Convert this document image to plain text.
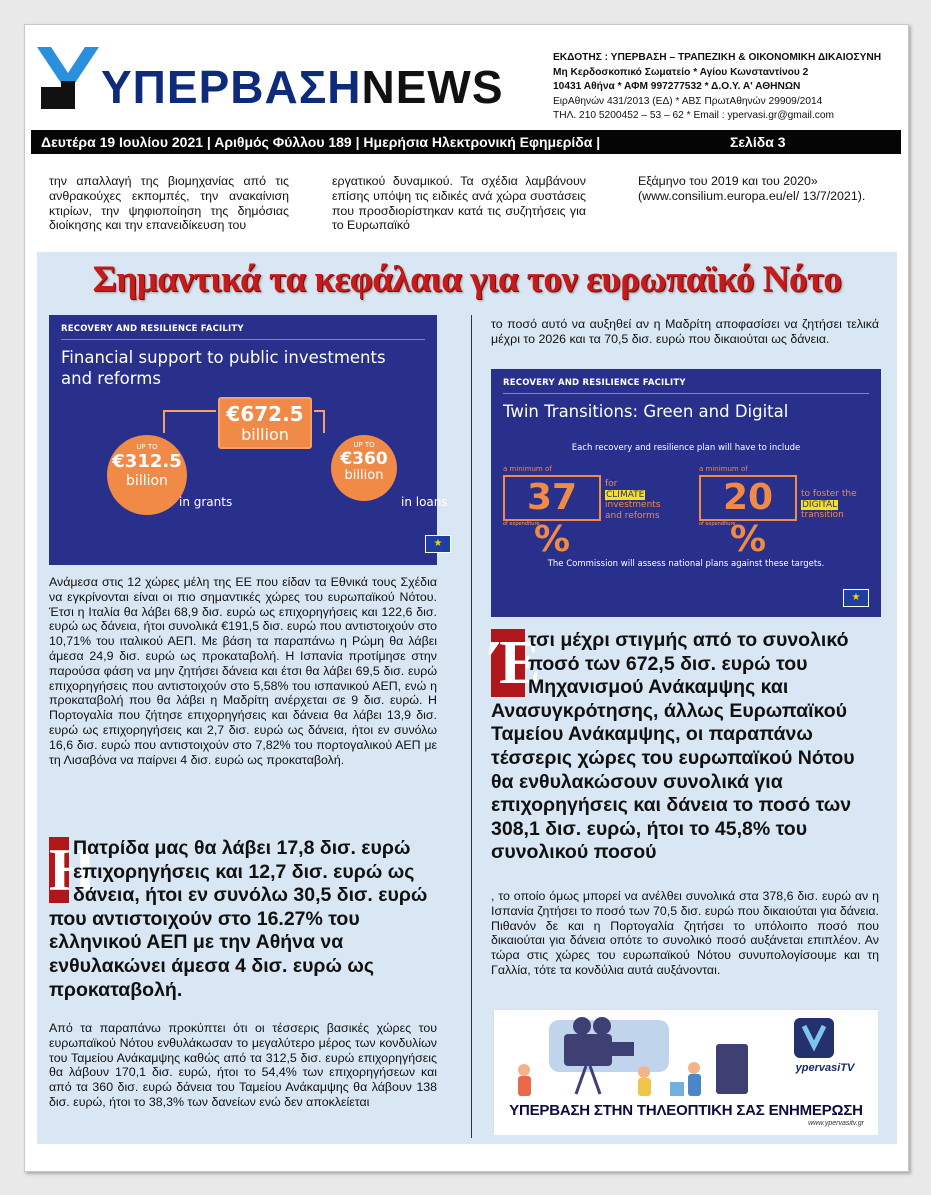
ΥΠΕΡΒΑΣΗNEWS
ΕΚΔΟΤΗΣ : ΥΠΕΡΒΑΣΗ – ΤΡΑΠΕΖΙΚΗ & ΟΙΚΟΝΟΜΙΚΗ ΔΙΚΑΙΟΣΥΝΗ
Μη Κερδοσκοπικό Σωματείο * Αγίου Κωνσταντίνου 2
10431 Αθήνα * ΑΦΜ 997277532 * Δ.Ο.Υ. Α' ΑΘΗΝΩΝ
ΕιρΑθηνών 431/2013 (ΕΔ) * ΑΒΣ ΠρωτΑθηνών 29909/2014
ΤΗΛ. 210 5200452 – 53 – 62 * Email : ypervasi.gr@gmail.com
Δευτέρα 19 Ιουλίου 2021 | Αριθμός Φύλλου 189 | Ημερήσια Ηλεκτρονική Εφημερίδα |	Σελίδα 3
την απαλλαγή της βιομηχανίας από τις ανθρακούχες εκπομπές, την ανακαίνιση κτιρίων, την ψηφιοποίηση της δημόσιας διοίκησης και την επανειδίκευση του
εργατικού δυναμικού. Τα σχέδια λαμβάνουν επίσης υπόψη τις ειδικές ανά χώρα συστάσεις που προσδιορίστηκαν κατά τις συζητήσεις για το Ευρωπαϊκό
Εξάμηνο του 2019 και του 2020» (www.consilium.europa.eu/el/ 13/7/2021).
Σημαντικά τα κεφάλαια για τον ευρωπαϊκό Νότο
RECOVERY AND RESILIENCE FACILITY
Financial support to public investments and reforms
€672.5
billion
UP TO
€312.5
billion
in grants
UP TO
€360
billion
in loans
★
Ανάμεσα στις 12 χώρες μέλη της ΕΕ που είδαν τα Εθνικά τους Σχέδια να εγκρίνονται είναι οι πιο σημαντικές χώρες του ευρωπαϊκού Νότου. Έτσι η Ιταλία θα λάβει 68,9 δισ. ευρώ ως επιχορηγήσεις και 122,6 δισ. ευρώ ως δάνεια, ήτοι συνολικά €191,5 δισ. ευρώ που αντιστοιχούν στο 10,71% του ιταλικού ΑΕΠ. Με βάση τα παραπάνω η Ρώμη θα λάβει άμεσα 24,9 δισ. ευρώ ως προκαταβολή. Η Ισπανία προτίμησε στην παρούσα φάση να μην ζητήσει δάνεια και έτσι θα λάβει 69,5 δισ. ευρώ επιχορηγήσεις που αντιστοιχούν στο 5,58% του ισπανικού ΑΕΠ, ενώ η προκαταβολή που θα λάβει η Μαδρίτη ανέρχεται σε 9 δισ. ευρώ. Η Πορτογαλία που ζήτησε επιχορηγήσεις και δάνεια θα λάβει 13,9 δισ. ευρώ ως επιχορηγήσεις και 2,7 δισ. ευρώ ως δάνεια, ήτοι εν συνόλω 16,6 δισ. ευρώ που αντιστοιχούν στο 7,82% του πορτογαλικού ΑΕΠ με τη Λισαβόνα να παίρνει 4 δισ. ευρώ ως προκαταβολή.
Η
Πατρίδα μας θα λάβει 17,8 δισ. ευρώ επιχορηγήσεις και 12,7 δισ. ευρώ ως δάνεια, ήτοι εν συνόλω 30,5 δισ. ευρώ που αντιστοιχούν στο 16.27% του ελληνικού ΑΕΠ με την Αθήνα να ενθυλακώνει άμεσα 4 δισ. ευρώ ως προκαταβολή.
Από τα παραπάνω προκύπτει ότι οι τέσσερις βασικές χώρες του ευρωπαϊκού Νότου ενθυλάκωσαν το μεγαλύτερο μέρος των κονδυλίων του Ταμείου Ανάκαμψης καθώς από τα 312,5 δισ. ευρώ επιχορηγήσεις θα λάβουν 170,1 δισ. ευρώ, ήτοι το 54,4% των επιχορηγήσεων και από τα 360 δισ. ευρώ δάνεια του Ταμείου Ανάκαμψης θα λάβουν 138 δισ. ευρώ, ήτοι το 38,3% των δανείων ενώ δεν αποκλείεται
το ποσό αυτό να αυξηθεί αν η Μαδρίτη αποφασίσει να ζητήσει τελικά μέχρι το 2026 και τα 70,5 δισ. ευρώ που δικαιούται ως δάνεια.
RECOVERY AND RESILIENCE FACILITY
Twin Transitions: Green and Digital
Each recovery and resilience plan will have to include
a minimum of
37 %
of expenditure
for
CLIMATE
investments
and reforms
a minimum of
20 %
of expenditure
to foster the
DIGITAL
transition
The Commission will assess national plans against these targets.
★
Έ
τσι μέχρι στιγμής από το συνολικό ποσό των 672,5 δισ. ευρώ του Μηχανισμού Ανάκαμψης και Ανασυγκρότησης, άλλως Ευρωπαϊκού Ταμείου Ανάκαμψης, οι παραπάνω τέσσερις χώρες του ευρωπαϊκού Νότου θα ενθυλακώσουν συνολικά για επιχορηγήσεις και δάνεια το ποσό των 308,1 δισ. ευρώ, ήτοι το 45,8% του συνολικού ποσού
, το οποίο όμως μπορεί να ανέλθει συνολικά στα 378,6 δισ. ευρώ αν η Ισπανία ζητήσει το ποσό των 70,5 δισ. ευρώ που δικαιούται για δάνεια. Πιθανόν δε και η Πορτογαλία ζητήσει το υπόλοιπο ποσό που δικαιούται για δάνεια οπότε το συνολικό ποσό αυξάνεται επιπλέον. Αν τώρα στις χώρες του ευρωπαϊκού Νότου συνυπολογίσουμε και τη Γαλλία, τότε τα κονδύλια αυτά αυξάνονται.
ypervasiTV
ΥΠΕΡΒΑΣΗ ΣΤΗΝ ΤΗΛΕΟΠΤΙΚΗ ΣΑΣ ΕΝΗΜΕΡΩΣΗ
www.ypervasitv.gr
